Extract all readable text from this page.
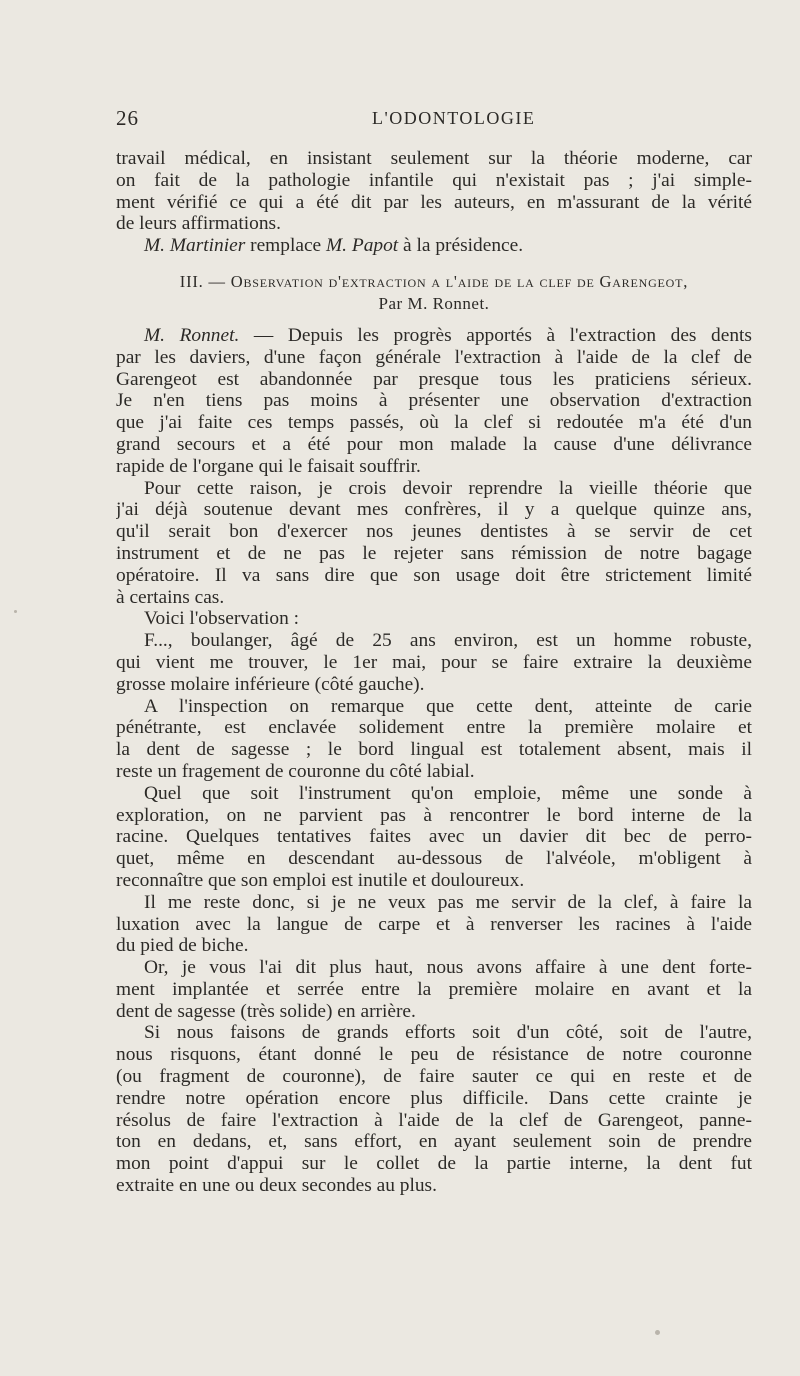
26	L'ODONTOLOGIE
travail médical, en insistant seulement sur la théorie moderne, car
on fait de la pathologie infantile qui n'existait pas ; j'ai simple-
ment vérifié ce qui a été dit par les auteurs, en m'assurant de la vérité
de leurs affirmations.
M. Martinier remplace M. Papot à la présidence.
III. — Observation d'extraction a l'aide de la clef de Garengeot,
Par M. Ronnet.
M. Ronnet. — Depuis les progrès apportés à l'extraction des dents
par les daviers, d'une façon générale l'extraction à l'aide de la clef de
Garengeot est abandonnée par presque tous les praticiens sérieux.
Je n'en tiens pas moins à présenter une observation d'extraction
que j'ai faite ces temps passés, où la clef si redoutée m'a été d'un
grand secours et a été pour mon malade la cause d'une délivrance
rapide de l'organe qui le faisait souffrir.
Pour cette raison, je crois devoir reprendre la vieille théorie que
j'ai déjà soutenue devant mes confrères, il y a quelque quinze ans,
qu'il serait bon d'exercer nos jeunes dentistes à se servir de cet
instrument et de ne pas le rejeter sans rémission de notre bagage
opératoire. Il va sans dire que son usage doit être strictement limité
à certains cas.
Voici l'observation :
F..., boulanger, âgé de 25 ans environ, est un homme robuste,
qui vient me trouver, le 1er mai, pour se faire extraire la deuxième
grosse molaire inférieure (côté gauche).
A l'inspection on remarque que cette dent, atteinte de carie
pénétrante, est enclavée solidement entre la première molaire et
la dent de sagesse ; le bord lingual est totalement absent, mais il
reste un fragement de couronne du côté labial.
Quel que soit l'instrument qu'on emploie, même une sonde à
exploration, on ne parvient pas à rencontrer le bord interne de la
racine. Quelques tentatives faites avec un davier dit bec de perro-
quet, même en descendant au-dessous de l'alvéole, m'obligent à
reconnaître que son emploi est inutile et douloureux.
Il me reste donc, si je ne veux pas me servir de la clef, à faire la
luxation avec la langue de carpe et à renverser les racines à l'aide
du pied de biche.
Or, je vous l'ai dit plus haut, nous avons affaire à une dent forte-
ment implantée et serrée entre la première molaire en avant et la
dent de sagesse (très solide) en arrière.
Si nous faisons de grands efforts soit d'un côté, soit de l'autre,
nous risquons, étant donné le peu de résistance de notre couronne
(ou fragment de couronne), de faire sauter ce qui en reste et de
rendre notre opération encore plus difficile. Dans cette crainte je
résolus de faire l'extraction à l'aide de la clef de Garengeot, panne-
ton en dedans, et, sans effort, en ayant seulement soin de prendre
mon point d'appui sur le collet de la partie interne, la dent fut
extraite en une ou deux secondes au plus.
